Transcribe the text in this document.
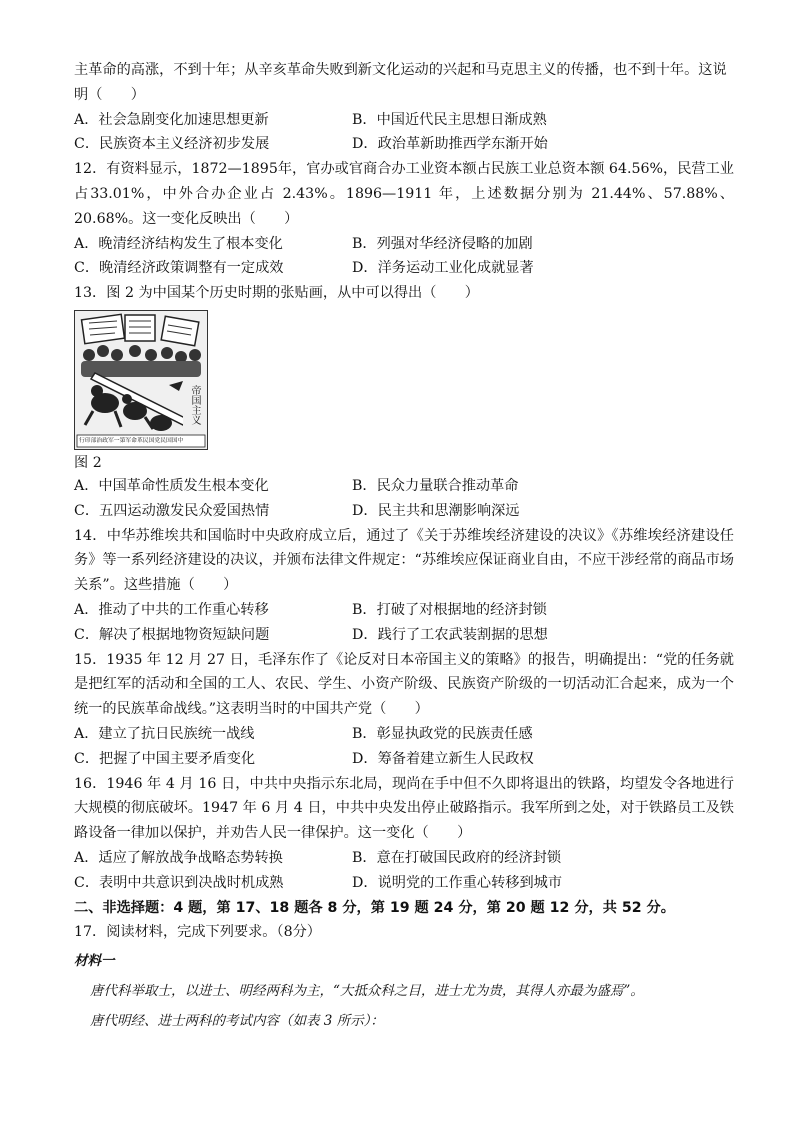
主革命的高涨，不到十年；从辛亥革命失败到新文化运动的兴起和马克思主义的传播，也不到十年。这说

明（　　）

A．社会急剧变化加速思想更新	B．中国近代民主思想日渐成熟
C．民族资本主义经济初步发展	D．政治革新助推西学东渐开始

12．有资料显示，1872—1895年，官办或官商合办工业资本额占民族工业总资本额 64.56%，民营工业占33.01%，中外合办企业占 2.43%。1896—1911 年，上述数据分别为 21.44%、57.88%、20.68%。这一变化反映出（　　）

A．晚清经济结构发生了根本变化	B．列强对华经济侵略的加剧
C．晚清经济政策调整有一定成效	D．洋务运动工业化成就显著

13．图 2 为中国某个历史时期的张贴画，从中可以得出（　　）

帝国主义
行印部治政军一第军命革民国党民国国中

图 2

A．中国革命性质发生根本变化	B．民众力量联合推动革命
C．五四运动激发民众爱国热情	D．民主共和思潮影响深远

14．中华苏维埃共和国临时中央政府成立后，通过了《关于苏维埃经济建设的决议》《苏维埃经济建设任务》等一系列经济建设的决议，并颁布法律文件规定：“苏维埃应保证商业自由，不应干涉经常的商品市场关系”。这些措施（　　）

A．推动了中共的工作重心转移	B．打破了对根据地的经济封锁
C．解决了根据地物资短缺问题	D．践行了工农武装割据的思想

15．1935 年 12 月 27 日，毛泽东作了《论反对日本帝国主义的策略》的报告，明确提出：“党的任务就是把红军的活动和全国的工人、农民、学生、小资产阶级、民族资产阶级的一切活动汇合起来，成为一个统一的民族革命战线。”这表明当时的中国共产党（　　）

A．建立了抗日民族统一战线	B．彰显执政党的民族责任感
C．把握了中国主要矛盾变化	D．筹备着建立新生人民政权

16．1946 年 4 月 16 日，中共中央指示东北局，现尚在手中但不久即将退出的铁路，均望发令各地进行大规模的彻底破坏。1947 年 6 月 4 日，中共中央发出停止破路指示。我军所到之处，对于铁路员工及铁路设备一律加以保护，并劝告人民一律保护。这一变化（　　）

A．适应了解放战争战略态势转换	B．意在打破国民政府的经济封锁
C．表明中共意识到决战时机成熟	D．说明党的工作重心转移到城市

二、非选择题：4 题，第 17、18 题各 8 分，第 19 题 24 分，第 20 题 12 分，共 52 分。

17．阅读材料，完成下列要求。（8分）

材料一

唐代科举取士，以进士、明经两科为主，“大抵众科之目，进士尤为贵，其得人亦最为盛焉”。

唐代明经、进士两科的考试内容（如表 3 所示）：
